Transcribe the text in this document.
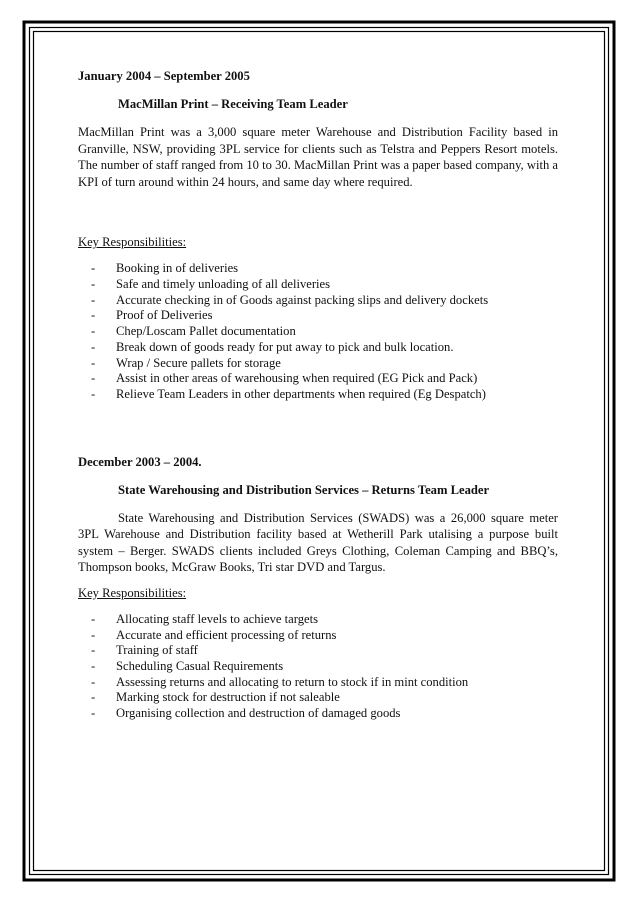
January 2004 – September 2005
MacMillan Print – Receiving Team Leader
MacMillan Print was a 3,000 square meter Warehouse and Distribution Facility based in Granville, NSW, providing 3PL service for clients such as Telstra and Peppers Resort motels. The number of staff ranged from 10 to 30. MacMillan Print was a paper based company, with a KPI of turn around within 24 hours, and same day where required.
Key Responsibilities:
-	Booking in of deliveries
-	Safe and timely unloading of all deliveries
-	Accurate checking in of Goods against packing slips and delivery dockets
-	Proof of Deliveries
-	Chep/Loscam Pallet documentation
-	Break down of goods ready for put away to pick and bulk location.
-	Wrap / Secure pallets for storage
-	Assist in other areas of warehousing when required (EG Pick and Pack)
-	Relieve Team Leaders in other departments when required (Eg Despatch)
December 2003 – 2004.
State Warehousing and Distribution Services – Returns Team Leader
State Warehousing and Distribution Services (SWADS) was a 26,000 square meter 3PL Warehouse and Distribution facility based at Wetherill Park utalising a purpose built system – Berger. SWADS clients included Greys Clothing, Coleman Camping and BBQ’s, Thompson books, McGraw Books, Tri star DVD and Targus.
Key Responsibilities:
-	Allocating staff levels to achieve targets
-	Accurate and efficient processing of returns
-	Training of staff
-	Scheduling Casual Requirements
-	Assessing returns and allocating to return to stock if in mint condition
-	Marking stock for destruction if not saleable
-	Organising collection and destruction of damaged goods
